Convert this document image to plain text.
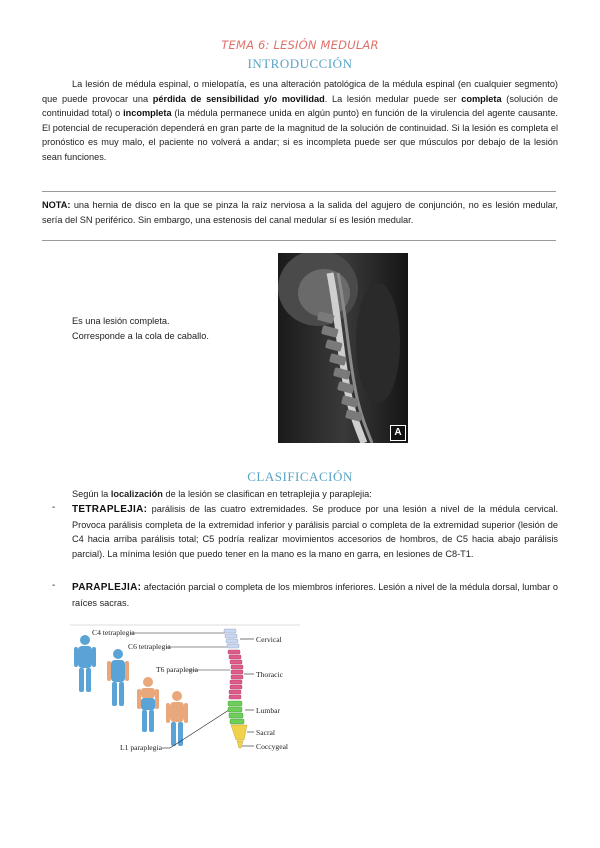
TEMA 6: LESIÓN MEDULAR
INTRODUCCIÓN

La lesión de médula espinal, o mielopatía, es una alteración patológica de la médula espinal (en cualquier segmento) que puede provocar una pérdida de sensibilidad y/o movilidad. La lesión medular puede ser completa (solución de continuidad total) o incompleta (la médula permanece unida en algún punto) en función de la virulencia del agente causante. El potencial de recuperación dependerá en gran parte de la magnitud de la solución de continuidad. Si la lesión es completa el pronóstico es muy malo, el paciente no volverá a andar; si es incompleta puede ser que músculos por debajo de la lesión sean funciones.

NOTA: una hernia de disco en la que se pinza la raíz nerviosa a la salida del agujero de conjunción, no es lesión medular, sería del SN periférico. Sin embargo, una estenosis del canal medular sí es lesión medular.

A

Es una lesión completa.

Corresponde a la cola de caballo.

CLASIFICACIÓN

Según la localización de la lesión se clasifican en tetraplejia y paraplejia:

- TETRAPLEJIA: parálisis de las cuatro extremidades. Se produce por una lesión a nivel de la médula cervical. Provoca parálisis completa de la extremidad inferior y parálisis parcial o completa de la extremidad superior (lesión de C4 hacia arriba parálisis total; C5 podría realizar movimientos accesorios de hombros, de C5 hacia abajo parálisis parcial). La mínima lesión que puedo tener en la mano es la mano en garra, en lesiones de C8-T1.

- PARAPLEJIA: afectación parcial o completa de los miembros inferiores. Lesión a nivel de la médula dorsal, lumbar o raíces sacras.

C4 tetraplegia
C6 tetraplegia
T6 paraplegia
L1 paraplegia
Cervical
Thoracic
Lumbar
Sacral
Coccygeal
